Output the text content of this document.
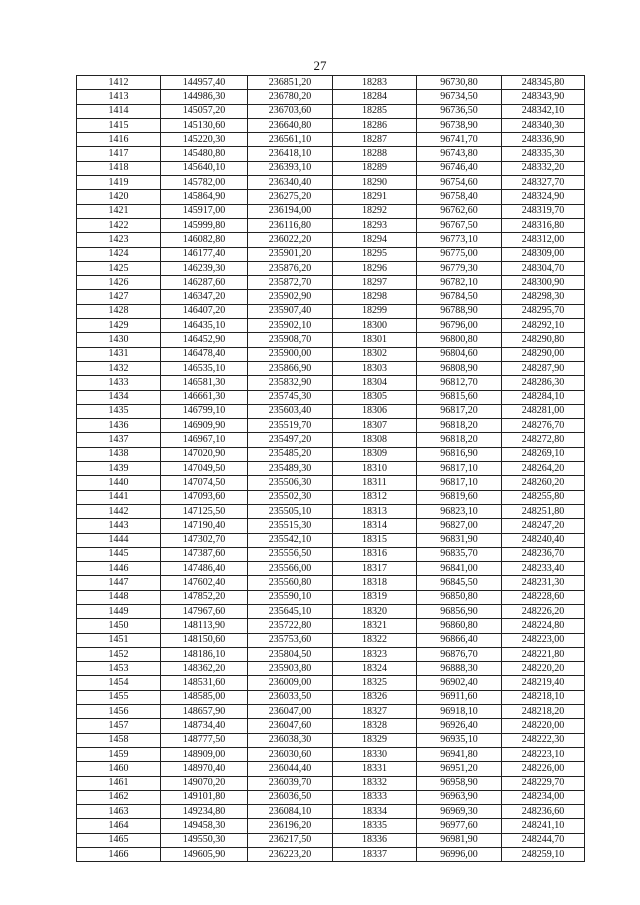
27
1412	144957,40	236851,20	18283	96730,80	248345,80
1413	144986,30	236780,20	18284	96734,50	248343,90
1414	145057,20	236703,60	18285	96736,50	248342,10
1415	145130,60	236640,80	18286	96738,90	248340,30
1416	145220,30	236561,10	18287	96741,70	248336,90
1417	145480,80	236418,10	18288	96743,80	248335,30
1418	145640,10	236393,10	18289	96746,40	248332,20
1419	145782,00	236340,40	18290	96754,60	248327,70
1420	145864,90	236275,20	18291	96758,40	248324,90
1421	145917,00	236194,00	18292	96762,60	248319,70
1422	145999,80	236116,80	18293	96767,50	248316,80
1423	146082,80	236022,20	18294	96773,10	248312,00
1424	146177,40	235901,20	18295	96775,00	248309,00
1425	146239,30	235876,20	18296	96779,30	248304,70
1426	146287,60	235872,70	18297	96782,10	248300,90
1427	146347,20	235902,90	18298	96784,50	248298,30
1428	146407,20	235907,40	18299	96788,90	248295,70
1429	146435,10	235902,10	18300	96796,00	248292,10
1430	146452,90	235908,70	18301	96800,80	248290,80
1431	146478,40	235900,00	18302	96804,60	248290,00
1432	146535,10	235866,90	18303	96808,90	248287,90
1433	146581,30	235832,90	18304	96812,70	248286,30
1434	146661,30	235745,30	18305	96815,60	248284,10
1435	146799,10	235603,40	18306	96817,20	248281,00
1436	146909,90	235519,70	18307	96818,20	248276,70
1437	146967,10	235497,20	18308	96818,20	248272,80
1438	147020,90	235485,20	18309	96816,90	248269,10
1439	147049,50	235489,30	18310	96817,10	248264,20
1440	147074,50	235506,30	18311	96817,10	248260,20
1441	147093,60	235502,30	18312	96819,60	248255,80
1442	147125,50	235505,10	18313	96823,10	248251,80
1443	147190,40	235515,30	18314	96827,00	248247,20
1444	147302,70	235542,10	18315	96831,90	248240,40
1445	147387,60	235556,50	18316	96835,70	248236,70
1446	147486,40	235566,00	18317	96841,00	248233,40
1447	147602,40	235560,80	18318	96845,50	248231,30
1448	147852,20	235590,10	18319	96850,80	248228,60
1449	147967,60	235645,10	18320	96856,90	248226,20
1450	148113,90	235722,80	18321	96860,80	248224,80
1451	148150,60	235753,60	18322	96866,40	248223,00
1452	148186,10	235804,50	18323	96876,70	248221,80
1453	148362,20	235903,80	18324	96888,30	248220,20
1454	148531,60	236009,00	18325	96902,40	248219,40
1455	148585,00	236033,50	18326	96911,60	248218,10
1456	148657,90	236047,00	18327	96918,10	248218,20
1457	148734,40	236047,60	18328	96926,40	248220,00
1458	148777,50	236038,30	18329	96935,10	248222,30
1459	148909,00	236030,60	18330	96941,80	248223,10
1460	148970,40	236044,40	18331	96951,20	248226,00
1461	149070,20	236039,70	18332	96958,90	248229,70
1462	149101,80	236036,50	18333	96963,90	248234,00
1463	149234,80	236084,10	18334	96969,30	248236,60
1464	149458,30	236196,20	18335	96977,60	248241,10
1465	149550,30	236217,50	18336	96981,90	248244,70
1466	149605,90	236223,20	18337	96996,00	248259,10
